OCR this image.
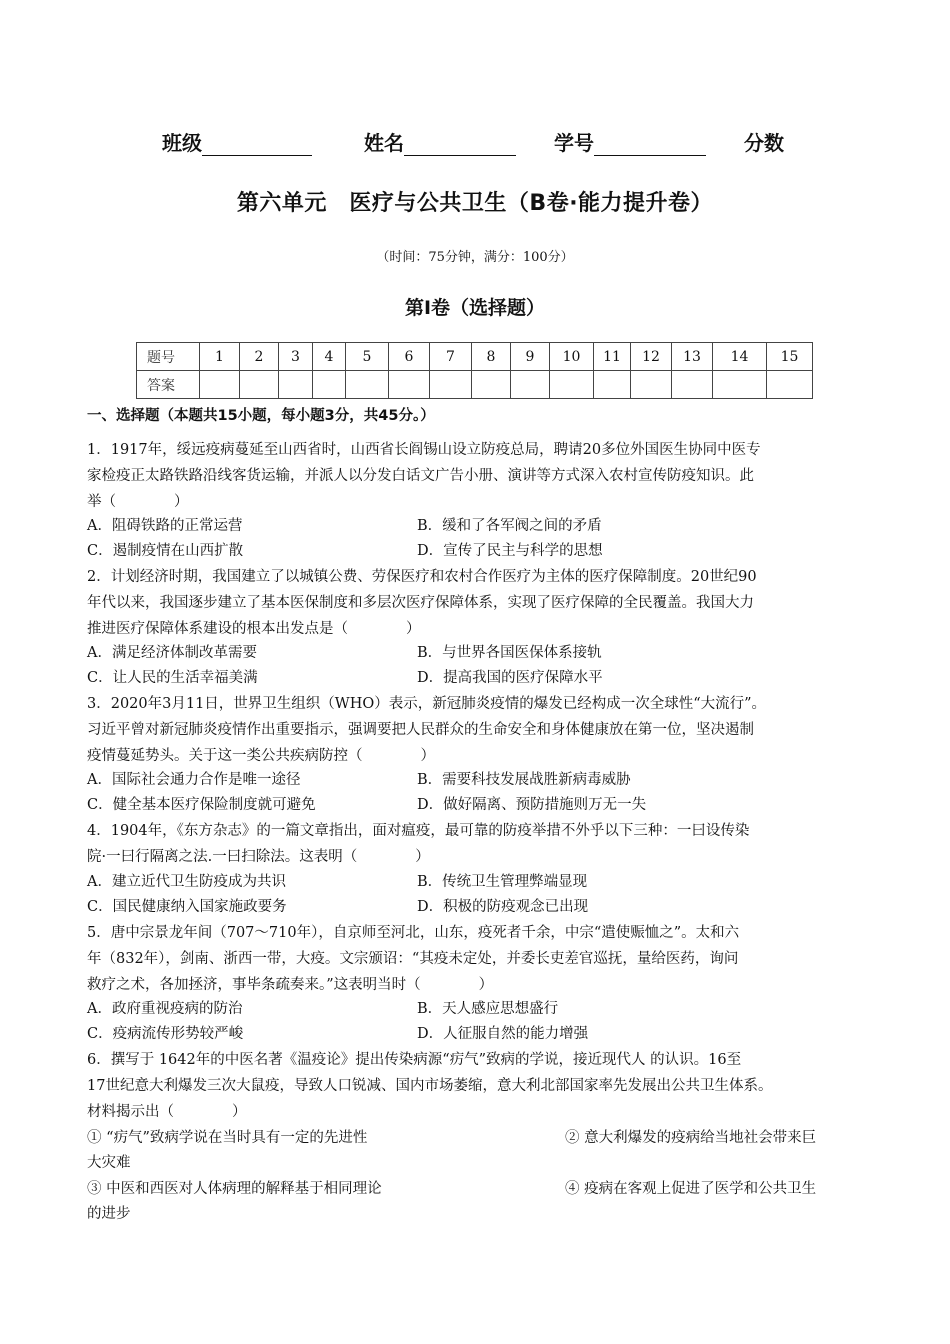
班级	姓名	学号	分数
第六单元　医疗与公共卫生（B卷·能力提升卷）
（时间：75分钟，满分：100分）
第Ⅰ卷（选择题）
题号	1	2	3	4	5	6	7	8	9	10	11	12	13	14	15
答案															
一、选择题（本题共15小题，每小题3分，共45分。）
1．1917年，绥远疫病蔓延至山西省时，山西省长阎锡山设立防疫总局，聘请20多位外国医生协同中医专
家检疫正太路铁路沿线客货运输，并派人以分发白话文广告小册、演讲等方式深入农村宣传防疫知识。此
举（　　　　）
A．阻碍铁路的正常运营	B．缓和了各军阀之间的矛盾
C．遏制疫情在山西扩散	D．宣传了民主与科学的思想
2．计划经济时期，我国建立了以城镇公费、劳保医疗和农村合作医疗为主体的医疗保障制度。20世纪90
年代以来，我国逐步建立了基本医保制度和多层次医疗保障体系，实现了医疗保障的全民覆盖。我国大力
推进医疗保障体系建设的根本出发点是（　　　　）
A．满足经济体制改革需要	B．与世界各国医保体系接轨
C．让人民的生活幸福美满	D．提高我国的医疗保障水平
3．2020年3月11日，世界卫生组织（WHO）表示，新冠肺炎疫情的爆发已经构成一次全球性“大流行”。
习近平曾对新冠肺炎疫情作出重要指示，强调要把人民群众的生命安全和身体健康放在第一位，坚决遏制
疫情蔓延势头。关于这一类公共疾病防控（　　　　）
A．国际社会通力合作是唯一途径	B．需要科技发展战胜新病毒威胁
C．健全基本医疗保险制度就可避免	D．做好隔离、预防措施则万无一失
4．1904年，《东方杂志》的一篇文章指出，面对瘟疫，最可靠的防疫举措不外乎以下三种：一曰设传染
院·一曰行隔离之法.一曰扫除法。这表明（　　　　）
A．建立近代卫生防疫成为共识	B．传统卫生管理弊端显现
C．国民健康纳入国家施政要务	D．积极的防疫观念已出现
5．唐中宗景龙年间（707～710年），自京师至河北，山东，疫死者千余，中宗“遣使赈恤之”。太和六
年（832年），剑南、浙西一带，大疫。文宗颁诏：“其疫未定处，并委长吏差官巡抚，量给医药，询问
救疗之术，各加拯济，事毕条疏奏来。”这表明当时（　　　　）
A．政府重视疫病的防治	B．天人感应思想盛行
C．疫病流传形势较严峻	D．人征服自然的能力增强
6．撰写于 1642年的中医名著《温疫论》提出传染病源“疠气”致病的学说，接近现代人 的认识。16至
17世纪意大利爆发三次大鼠疫，导致人口锐减、国内市场萎缩，意大利北部国家率先发展出公共卫生体系。
材料揭示出（　　　　）
① “疠气”致病学说在当时具有一定的先进性	② 意大利爆发的疫病给当地社会带来巨
大灾难
③ 中医和西医对人体病理的解释基于相同理论	④ 疫病在客观上促进了医学和公共卫生
的进步
